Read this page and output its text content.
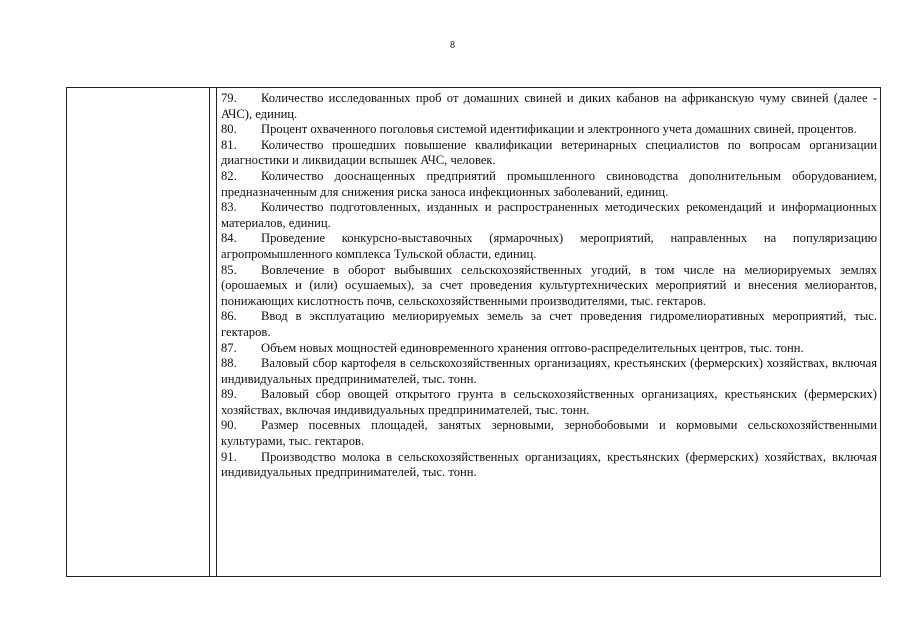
8

79. Количество исследованных проб от домашних свиней и диких кабанов на африканскую чуму свиней (далее - АЧС), единиц.

80. Процент охваченного поголовья системой идентификации и электронного учета домашних свиней, процентов.

81. Количество прошедших повышение квалификации ветеринарных специалистов по вопросам организации диагностики и ликвидации вспышек АЧС, человек.

82. Количество дооснащенных предприятий промышленного свиноводства дополнительным оборудованием, предназначенным для снижения риска заноса инфекционных заболеваний, единиц.

83. Количество подготовленных, изданных и распространенных методических рекомендаций и информационных материалов, единиц.

84. Проведение конкурсно-выставочных (ярмарочных) мероприятий, направленных на популяризацию агропромышленного комплекса Тульской области, единиц.

85. Вовлечение в оборот выбывших сельскохозяйственных угодий, в том числе на мелиорируемых землях (орошаемых и (или) осушаемых), за счет проведения культуртехнических мероприятий и внесения мелиорантов, понижающих кислотность почв, сельскохозяйственными производителями, тыс. гектаров.

86. Ввод в эксплуатацию мелиорируемых земель за счет проведения гидромелиоративных мероприятий, тыс. гектаров.

87. Объем новых мощностей единовременного хранения оптово-распределительных центров, тыс. тонн.

88. Валовый сбор картофеля в сельскохозяйственных организациях, крестьянских (фермерских) хозяйствах, включая индивидуальных предпринимателей, тыс. тонн.

89. Валовый сбор овощей открытого грунта в сельскохозяйственных организациях, крестьянских (фермерских) хозяйствах, включая индивидуальных предпринимателей, тыс. тонн.

90. Размер посевных площадей, занятых зерновыми, зернобобовыми и кормовыми сельскохозяйственными культурами, тыс. гектаров.

91. Производство молока в сельскохозяйственных организациях, крестьянских (фермерских) хозяйствах, включая индивидуальных предпринимателей, тыс. тонн.
